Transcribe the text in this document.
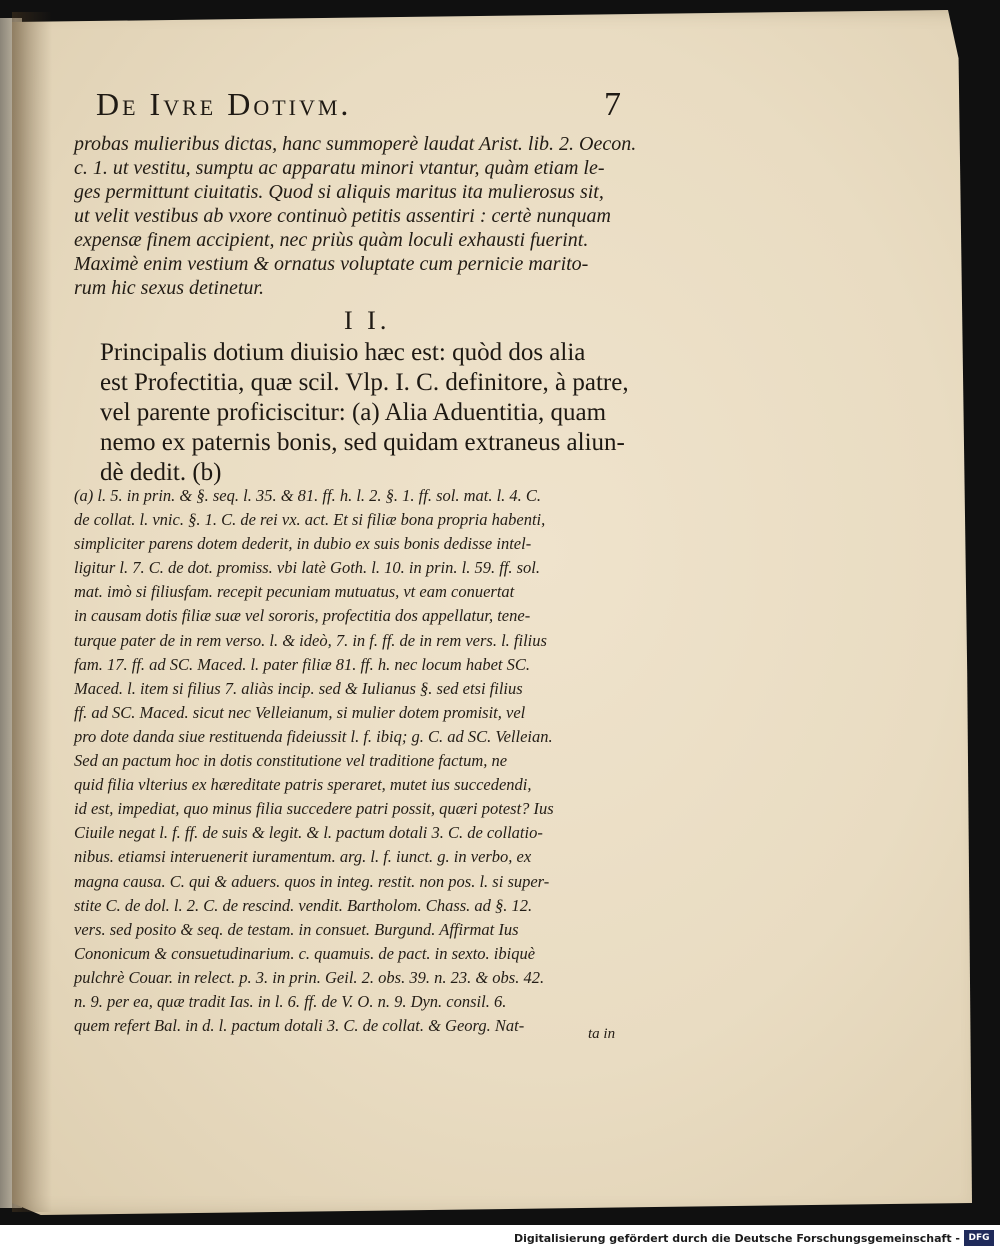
De Ivre Dotivm.	7
probas mulieribus dictas, hanc summoperè laudat Arist. lib. 2. Oecon.
c. 1. ut vestitu, sumptu ac apparatu minori vtantur, quàm etiam le-
ges permittunt ciuitatis. Quod si aliquis maritus ita mulierosus sit,
ut velit vestibus ab vxore continuò petitis assentiri : certè nunquam
expensæ finem accipient, nec priùs quàm loculi exhausti fuerint.
Maximè enim vestium & ornatus voluptate cum pernicie marito-
rum hic sexus detinetur.
I I.
Principalis dotium diuisio hæc est: quòd dos alia
est Profectitia, quæ scil. Vlp. I. C. definitore, à patre,
vel parente proficiscitur: (a) Alia Aduentitia, quam
nemo ex paternis bonis, sed quidam extraneus aliun-
dè dedit. (b)
(a) l. 5. in prin. & §. seq. l. 35. & 81. ff. h. l. 2. §. 1. ff. sol. mat. l. 4. C.
de collat. l. vnic. §. 1. C. de rei vx. act. Et si filiæ bona propria habenti,
simpliciter parens dotem dederit, in dubio ex suis bonis dedisse intel-
ligitur l. 7. C. de dot. promiss. vbi latè Goth. l. 10. in prin. l. 59. ff. sol.
mat. imò si filiusfam. recepit pecuniam mutuatus, vt eam conuertat
in causam dotis filiæ suæ vel sororis, profectitia dos appellatur, tene-
turque pater de in rem verso. l. & ideò, 7. in f. ff. de in rem vers. l. filius
fam. 17. ff. ad SC. Maced. l. pater filiæ 81. ff. h. nec locum habet SC.
Maced. l. item si filius 7. aliàs incip. sed & Iulianus §. sed etsi filius
ff. ad SC. Maced. sicut nec Velleianum, si mulier dotem promisit, vel
pro dote danda siue restituenda fideiussit l. f. ibiq; g. C. ad SC. Velleian.
Sed an pactum hoc in dotis constitutione vel traditione factum, ne
quid filia vlterius ex hæreditate patris speraret, mutet ius succedendi,
id est, impediat, quo minus filia succedere patri possit, quæri potest? Ius
Ciuile negat l. f. ff. de suis & legit. & l. pactum dotali 3. C. de collatio-
nibus. etiamsi interuenerit iuramentum. arg. l. f. iunct. g. in verbo, ex
magna causa. C. qui & aduers. quos in integ. restit. non pos. l. si super-
stite C. de dol. l. 2. C. de rescind. vendit. Bartholom. Chass. ad §. 12.
vers. sed posito & seq. de testam. in consuet. Burgund. Affirmat Ius
Cononicum & consuetudinarium. c. quamuis. de pact. in sexto. ibiquè
pulchrè Couar. in relect. p. 3. in prin. Geil. 2. obs. 39. n. 23. & obs. 42.
n. 9. per ea, quæ tradit Ias. in l. 6. ff. de V. O. n. 9. Dyn. consil. 6.
quem refert Bal. in d. l. pactum dotali 3. C. de collat. & Georg. Nat-	ta in
Digitalisierung gefördert durch die Deutsche Forschungsgemeinschaft - DFG
